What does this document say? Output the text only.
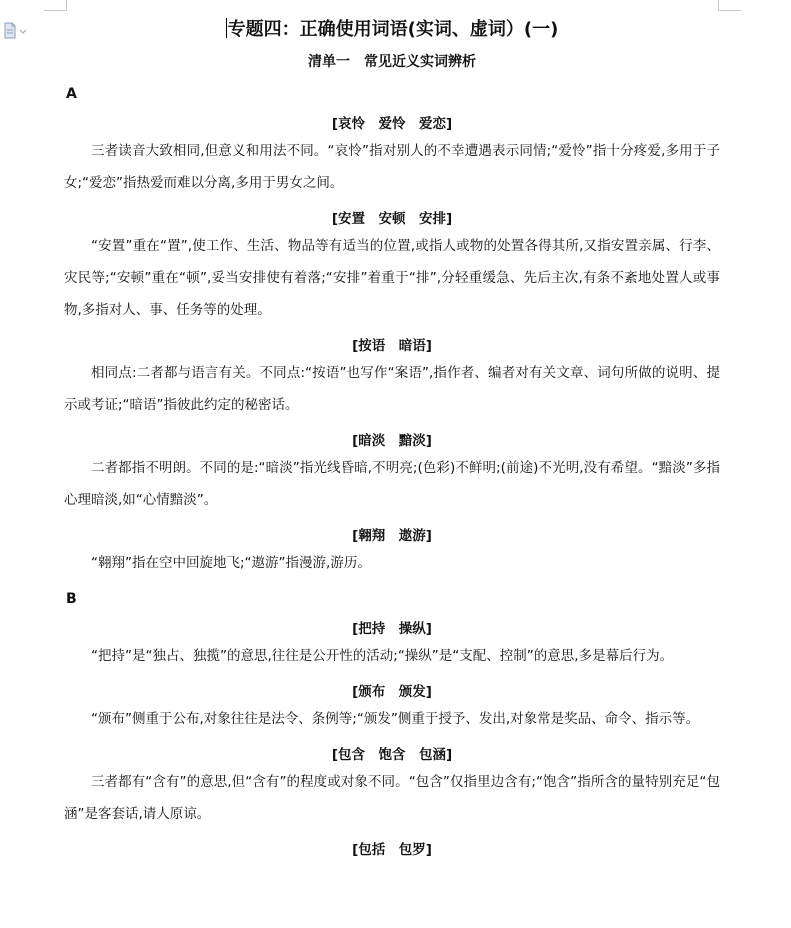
专题四：正确使用词语(实词、虚词）(一)
清单一　常见近义实词辨析
A
[哀怜　爱怜　爱恋]

三者读音大致相同,但意义和用法不同。“哀怜”指对别人的不幸遭遇表示同情;“爱怜”指十分疼爱,多用于子女;“爱恋”指热爱而难以分离,多用于男女之间。

[安置　安顿　安排]

“安置”重在“置”,使工作、生活、物品等有适当的位置,或指人或物的处置各得其所,又指安置亲属、行李、灾民等;“安顿”重在“顿”,妥当安排使有着落;“安排”着重于“排”,分轻重缓急、先后主次,有条不紊地处置人或事物,多指对人、事、任务等的处理。

[按语　暗语]

相同点:二者都与语言有关。不同点:“按语”也写作“案语”,指作者、编者对有关文章、词句所做的说明、提示或考证;“暗语”指彼此约定的秘密话。

[暗淡　黯淡]

二者都指不明朗。不同的是:“暗淡”指光线昏暗,不明亮;(色彩)不鲜明;(前途)不光明,没有希望。“黯淡”多指心理暗淡,如“心情黯淡”。

[翱翔　遨游]

“翱翔”指在空中回旋地飞;“遨游”指漫游,游历。

B
[把持　操纵]

“把持”是“独占、独揽”的意思,往往是公开性的活动;“操纵”是“支配、控制”的意思,多是幕后行为。

[颁布　颁发]

“颁布”侧重于公布,对象往往是法令、条例等;“颁发”侧重于授予、发出,对象常是奖品、命令、指示等。

[包含　饱含　包涵]

三者都有“含有”的意思,但“含有”的程度或对象不同。“包含”仅指里边含有;“饱含”指所含的量特别充足“包涵”是客套话,请人原谅。

[包括　包罗]
